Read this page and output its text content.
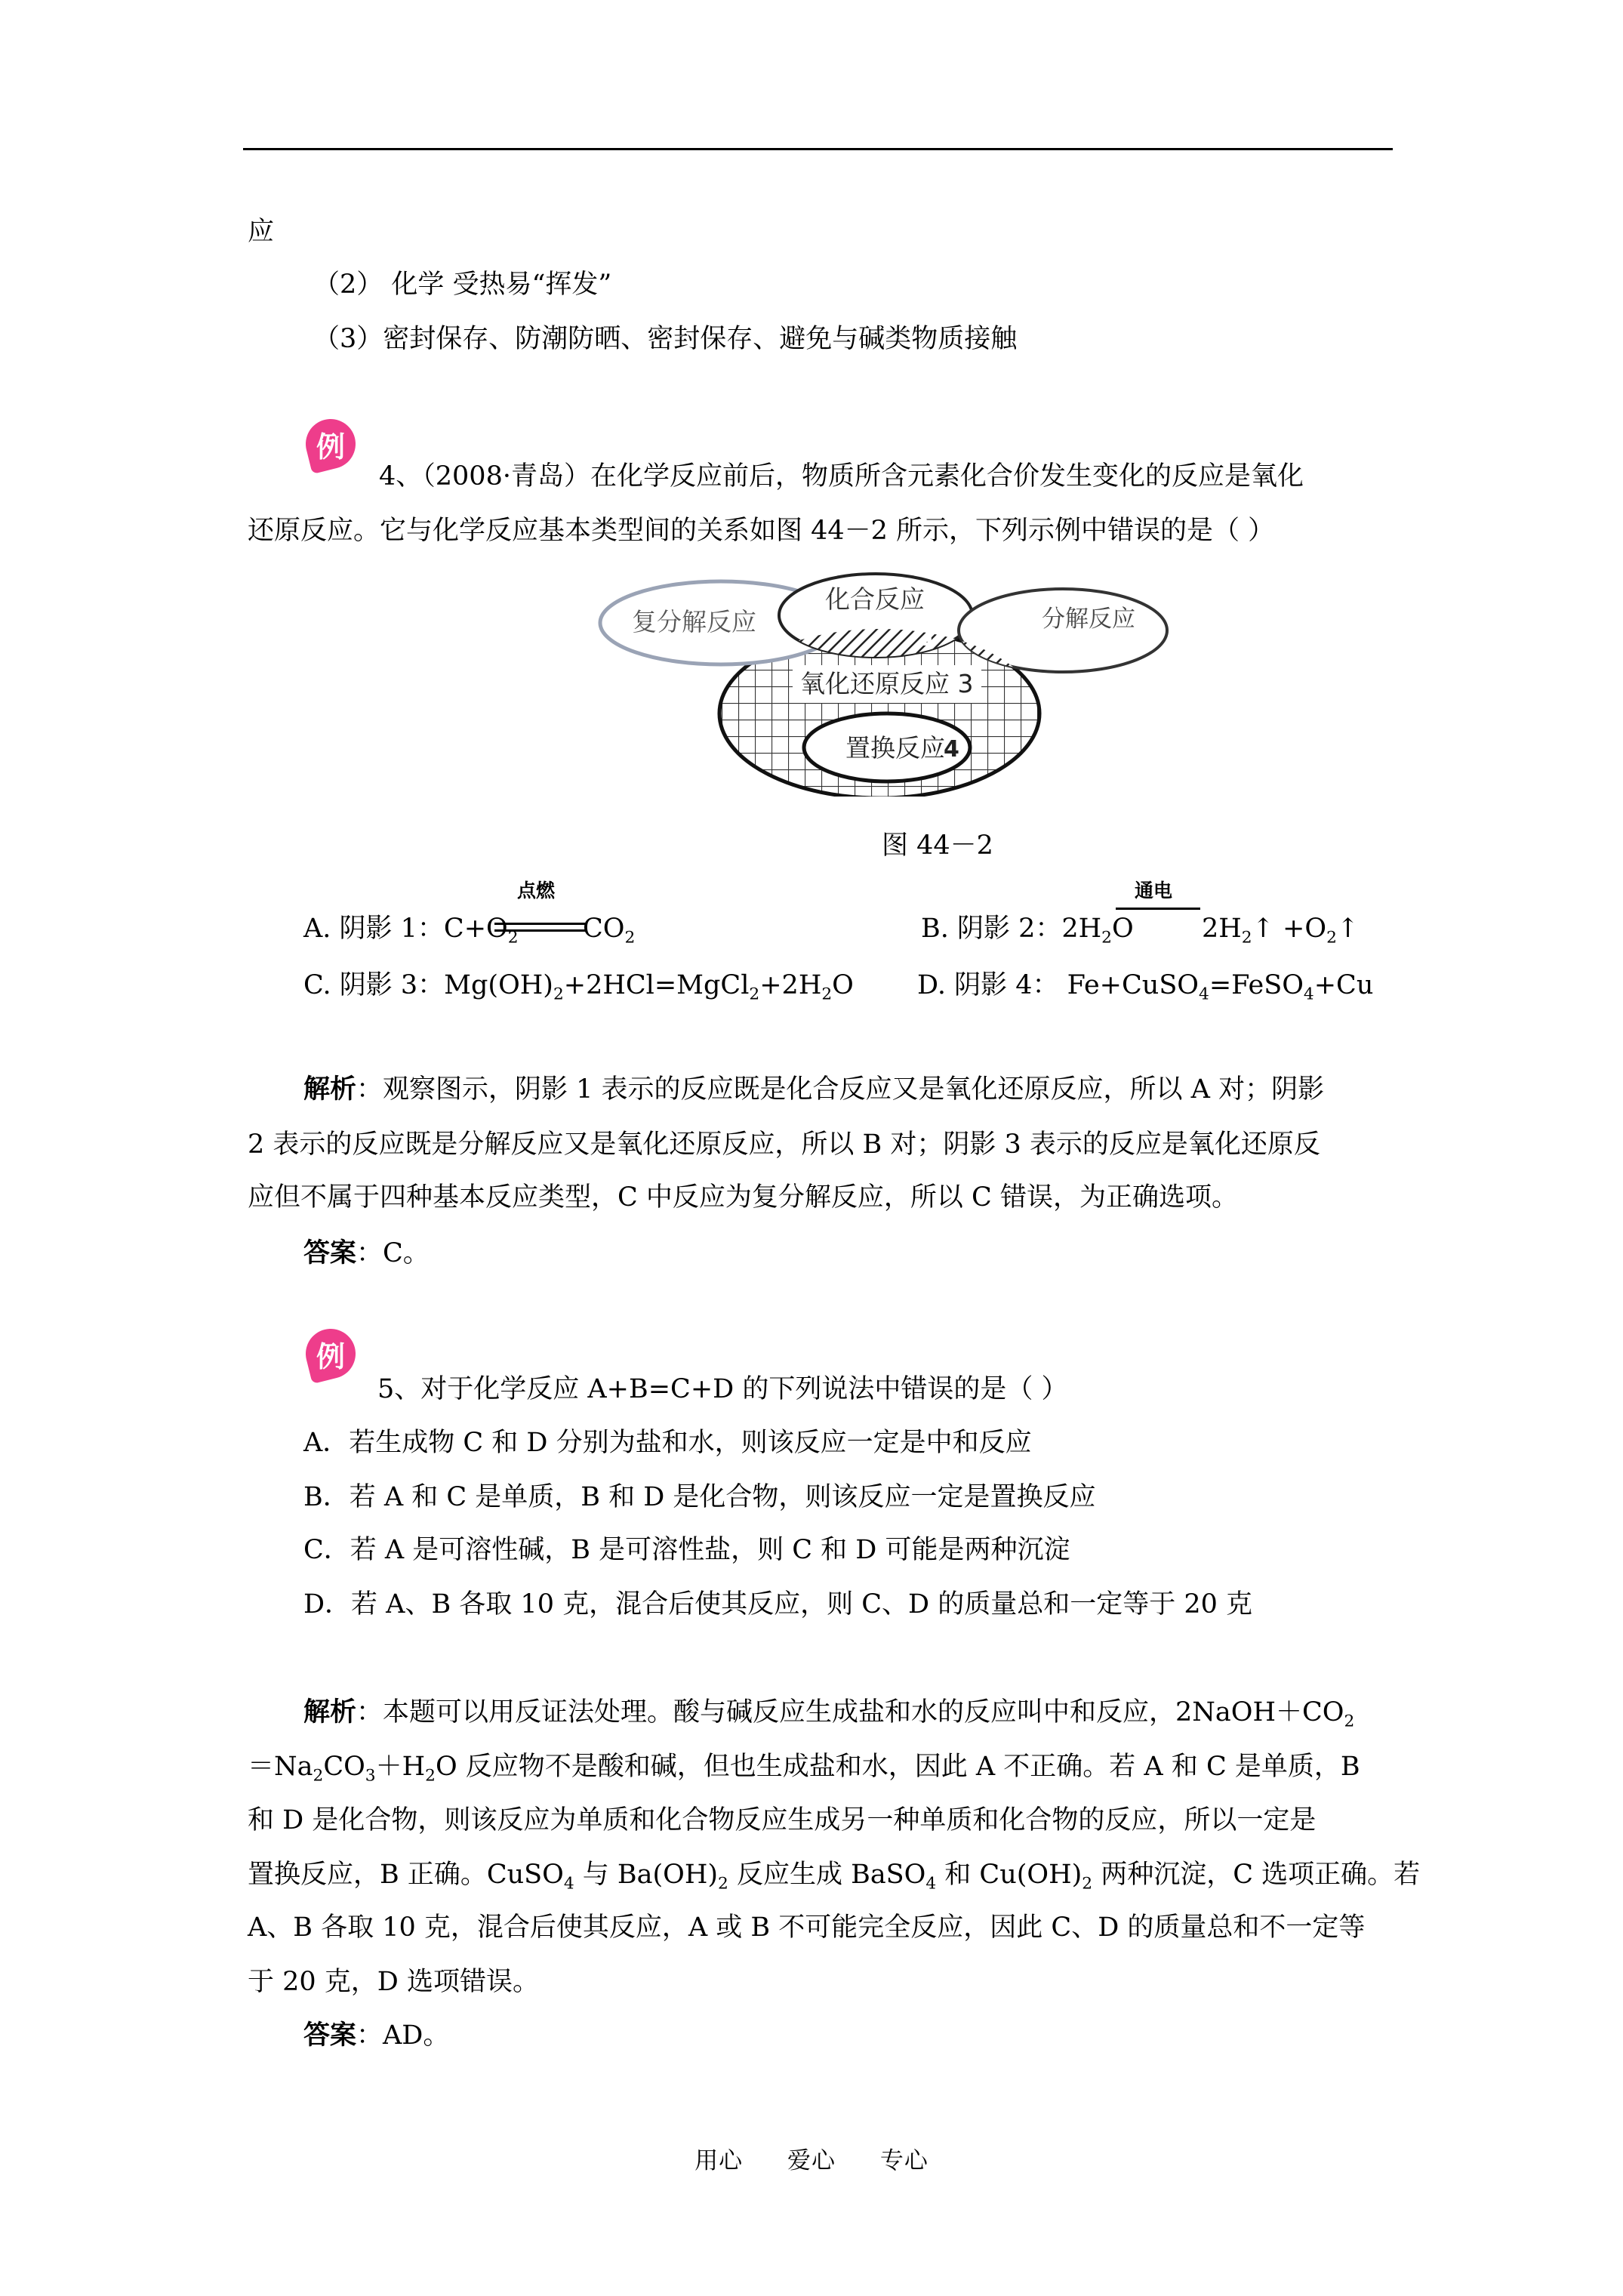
应
（2） 化学 受热易“挥发”
（3）密封保存、防潮防晒、密封保存、避免与碱类物质接触
例
4、（2008·青岛）在化学反应前后，物质所含元素化合价发生变化的反应是氧化
还原反应。它与化学反应基本类型间的关系如图 44－2 所示，下列示例中错误的是（ ）
复分解反应
化合反应
分解反应
氧化还原反应 3
置换反应
1
2
4
图 44－2
点燃
A. 阴影 1：$C+O_2$ $CO_2$
通电
B. 阴影 2：$2H_2O$	$2H_2↑$ $+O_2↑$
C. 阴影 3：$Mg(OH)_2+2HCl=MgCl_2+2H_2O$ D. 阴影 4： Fe+CuSO$_4$=FeSO$_4$+Cu
解析：观察图示，阴影 1 表示的反应既是化合反应又是氧化还原反应，所以 A 对；阴影
2 表示的反应既是分解反应又是氧化还原反应，所以 B 对；阴影 3 表示的反应是氧化还原反
应但不属于四种基本反应类型，C 中反应为复分解反应，所以 C 错误，为正确选项。
答案：C。
例
5、对于化学反应 A+B=C+D 的下列说法中错误的是（ ）
A．若生成物 C 和 D 分别为盐和水，则该反应一定是中和反应
B．若 A 和 C 是单质，B 和 D 是化合物，则该反应一定是置换反应
C．若 A 是可溶性碱，B 是可溶性盐，则 C 和 D 可能是两种沉淀
D．若 A、B 各取 10 克，混合后使其反应，则 C、D 的质量总和一定等于 20 克
解析：本题可以用反证法处理。酸与碱反应生成盐和水的反应叫中和反应，$2NaOH+CO_2$
$=Na_2CO_3+H_2O$ 反应物不是酸和碱，但也生成盐和水，因此 A 不正确。若 A 和 C 是单质，B
和 D 是化合物，则该反应为单质和化合物反应生成另一种单质和化合物的反应，所以一定是
置换反应，B 正确。CuSO$_4$ 与 $Ba(OH)_2$ 反应生成 BaSO$_4$ 和 $Cu(OH)_2$ 两种沉淀，C 选项正确。若
A、B 各取 10 克，混合后使其反应，A 或 B 不可能完全反应，因此 C、D 的质量总和不一定等
于 20 克，D 选项错误。
答案：AD。
用心 爱心 专心
